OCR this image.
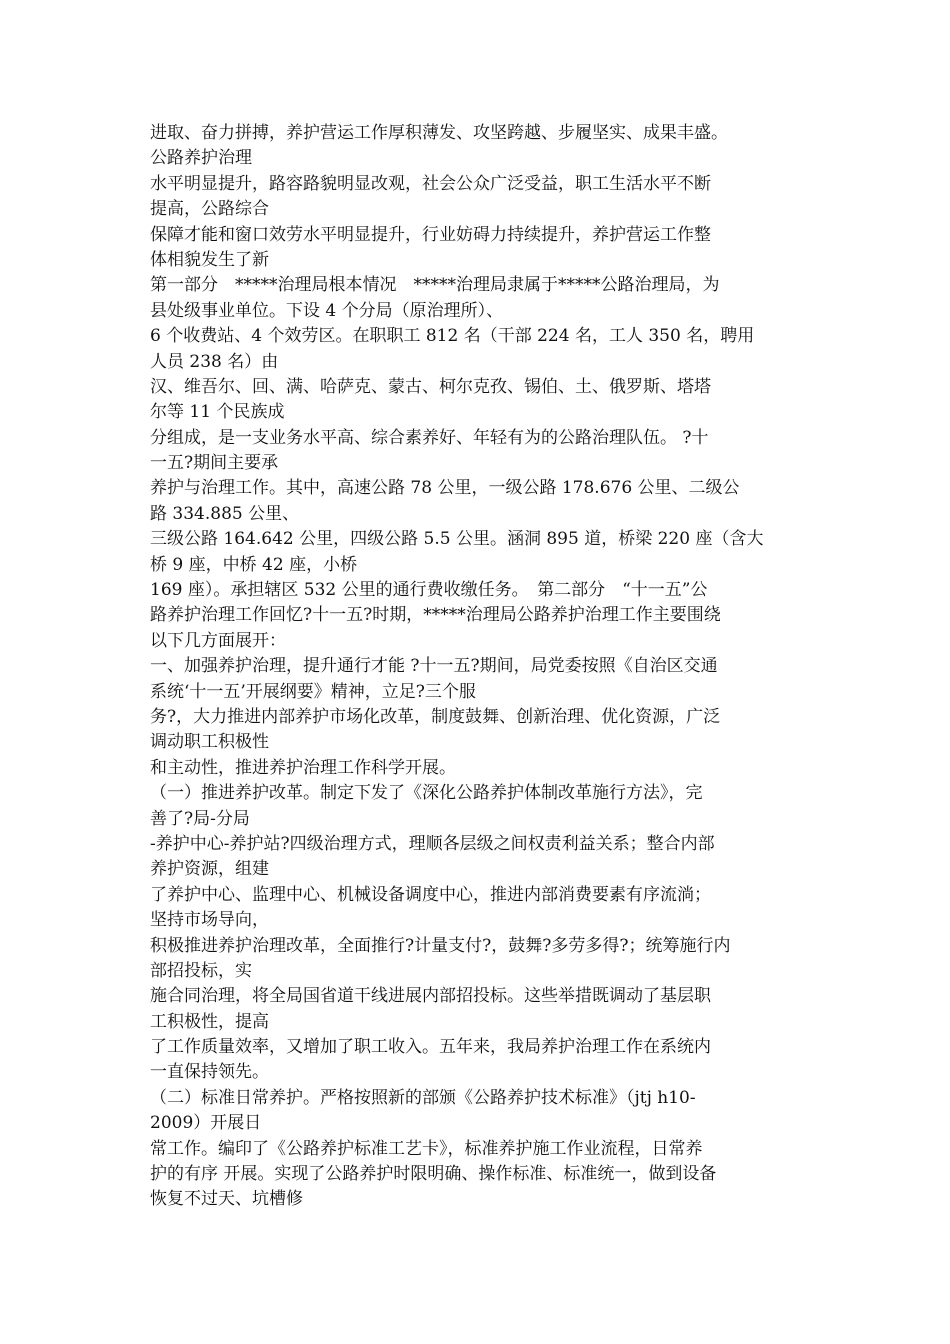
进取、奋力拼搏，养护营运工作厚积薄发、攻坚跨越、步履坚实、成果丰盛。
公路养护治理
水平明显提升，路容路貌明显改观，社会公众广泛受益，职工生活水平不断
提高，公路综合
保障才能和窗口效劳水平明显提升，行业妨碍力持续提升，养护营运工作整
体相貌发生了新
第一部分　*****治理局根本情况　*****治理局隶属于*****公路治理局，为
县处级事业单位。下设 4 个分局（原治理所）、
6 个收费站、4 个效劳区。在职职工 812 名（干部 224 名，工人 350 名，聘用
人员 238 名）由
汉、维吾尔、回、满、哈萨克、蒙古、柯尔克孜、锡伯、土、俄罗斯、塔塔
尔等 11 个民族成
分组成，是一支业务水平高、综合素养好、年轻有为的公路治理队伍。 ?十
一五?期间主要承
养护与治理工作。其中，高速公路 78 公里，一级公路 178.676 公里、二级公
路 334.885 公里、
三级公路 164.642 公里，四级公路 5.5 公里。涵洞 895 道，桥梁 220 座（含大
桥 9 座，中桥 42 座，小桥
169 座）。承担辖区 532 公里的通行费收缴任务。　第二部分　“十一五”公
路养护治理工作回忆?十一五?时期，*****治理局公路养护治理工作主要围绕
以下几方面展开：
一、加强养护治理，提升通行才能 ?十一五?期间，局党委按照《自治区交通
系统‘十一五’开展纲要》精神，立足?三个服
务?，大力推进内部养护市场化改革，制度鼓舞、创新治理、优化资源，广泛
调动职工积极性
和主动性，推进养护治理工作科学开展。
（一）推进养护改革。制定下发了《深化公路养护体制改革施行方法》，完
善了?局-分局
-养护中心-养护站?四级治理方式，理顺各层级之间权责利益关系；整合内部
养护资源，组建
了养护中心、监理中心、机械设备调度中心，推进内部消费要素有序流淌；
坚持市场导向，
积极推进养护治理改革，全面推行?计量支付?，鼓舞?多劳多得?；统筹施行内
部招投标，实
施合同治理，将全局国省道干线进展内部招投标。这些举措既调动了基层职
工积极性，提高
了工作质量效率，又增加了职工收入。五年来，我局养护治理工作在系统内
一直保持领先。
（二）标准日常养护。严格按照新的部颁《公路养护技术标准》（jtj h10-
2009）开展日
常工作。编印了《公路养护标准工艺卡》，标准养护施工作业流程，日常养
护的有序 开展。实现了公路养护时限明确、操作标准、标准统一，做到设备
恢复不过天、坑槽修
